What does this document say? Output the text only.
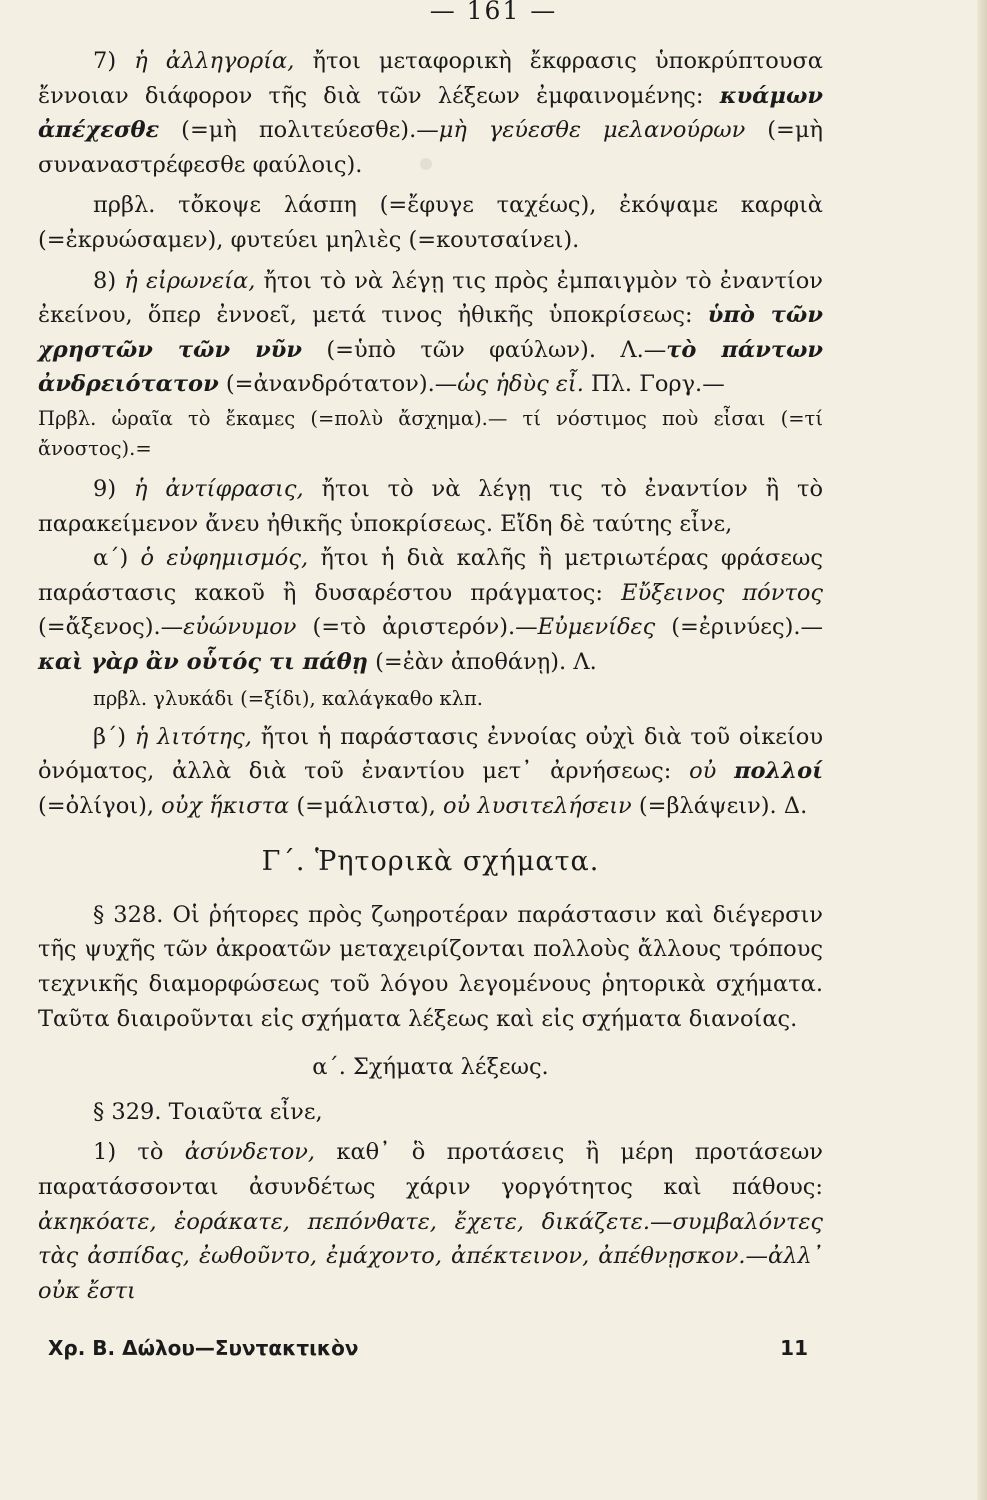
— 161 —

7) ἡ ἀλληγορία, ἤτοι μεταφορικὴ ἔκφρασις ὑποκρύπτουσα ἔννοιαν διάφορον τῆς διὰ τῶν λέξεων ἐμφαινομένης: κυάμων ἀπέχεσθε (=μὴ πολιτεύεσθε).—μὴ γεύεσθε μελανούρων (=μὴ συναναστρέφεσθε φαύλοις).

πρβλ. τὄκοψε λάσπη (=ἔφυγε ταχέως), ἐκόψαμε καρφιὰ (=ἐκρυώσαμεν), φυτεύει μηλιὲς (=κουτσαίνει).

8) ἡ εἰρωνεία, ἤτοι τὸ νὰ λέγῃ τις πρὸς ἐμπαιγμὸν τὸ ἐναντίον ἐκείνου, ὅπερ ἐννοεῖ, μετά τινος ἠθικῆς ὑποκρίσεως: ὑπὸ τῶν χρηστῶν τῶν νῦν (=ὑπὸ τῶν φαύλων). Λ.—τὸ πάντων ἀνδρειότατον (=ἀνανδρότατον).—ὡς ἡδὺς εἶ. Πλ. Γοργ.—

Πρβλ. ὡραῖα τὸ ἔκαμες (=πολὺ ἄσχημα).— τί νόστιμος ποὺ εἶσαι (=τί ἄνοστος).=

9) ἡ ἀντίφρασις, ἤτοι τὸ νὰ λέγῃ τις τὸ ἐναντίον ἢ τὸ παρακείμενον ἄνευ ἠθικῆς ὑποκρίσεως. Εἴδη δὲ ταύτης εἶνε,

α΄) ὁ εὐφημισμός, ἤτοι ἡ διὰ καλῆς ἢ μετριωτέρας φράσεως παράστασις κακοῦ ἢ δυσαρέστου πράγματος: Εὔξεινος πόντος (=ἄξενος).—εὐώνυμον (=τὸ ἀριστερόν).—Εὐμενίδες (=ἐρινύες).—καὶ γὰρ ἂν οὗτός τι πάθῃ (=ἐὰν ἀποθάνῃ). Λ.

πρβλ. γλυκάδι (=ξίδι), καλάγκαθο κλπ.

β΄) ἡ λιτότης, ἤτοι ἡ παράστασις ἐννοίας οὐχὶ διὰ τοῦ οἰκείου ὀνόματος, ἀλλὰ διὰ τοῦ ἐναντίου μετ᾽ ἀρνήσεως: οὐ πολλοί (=ὀλίγοι), οὐχ ἥκιστα (=μάλιστα), οὐ λυσιτελήσειν (=βλάψειν). Δ.

Γ΄. Ῥητορικὰ σχήματα.

§ 328. Οἱ ῥήτορες πρὸς ζωηροτέραν παράστασιν καὶ διέγερσιν τῆς ψυχῆς τῶν ἀκροατῶν μεταχειρίζονται πολλοὺς ἄλλους τρόπους τεχνικῆς διαμορφώσεως τοῦ λόγου λεγομένους ῥητορικὰ σχήματα. Ταῦτα διαιροῦνται εἰς σχήματα λέξεως καὶ εἰς σχήματα διανοίας.

α΄. Σχήματα λέξεως.

§ 329. Τοιαῦτα εἶνε,

1) τὸ ἀσύνδετον, καθ᾽ ὃ προτάσεις ἢ μέρη προτάσεων παρατάσσονται ἀσυνδέτως χάριν γοργότητος καὶ πάθους: ἀκηκόατε, ἑοράκατε, πεπόνθατε, ἔχετε, δικάζετε.—συμβαλόντες τὰς ἀσπίδας, ἐωθοῦντο, ἐμάχοντο, ἀπέκτεινον, ἀπέθνῃσκον.—ἀλλ᾽ οὐκ ἔστι

Χρ. Β. Δώλου—Συντακτικὸν	11
